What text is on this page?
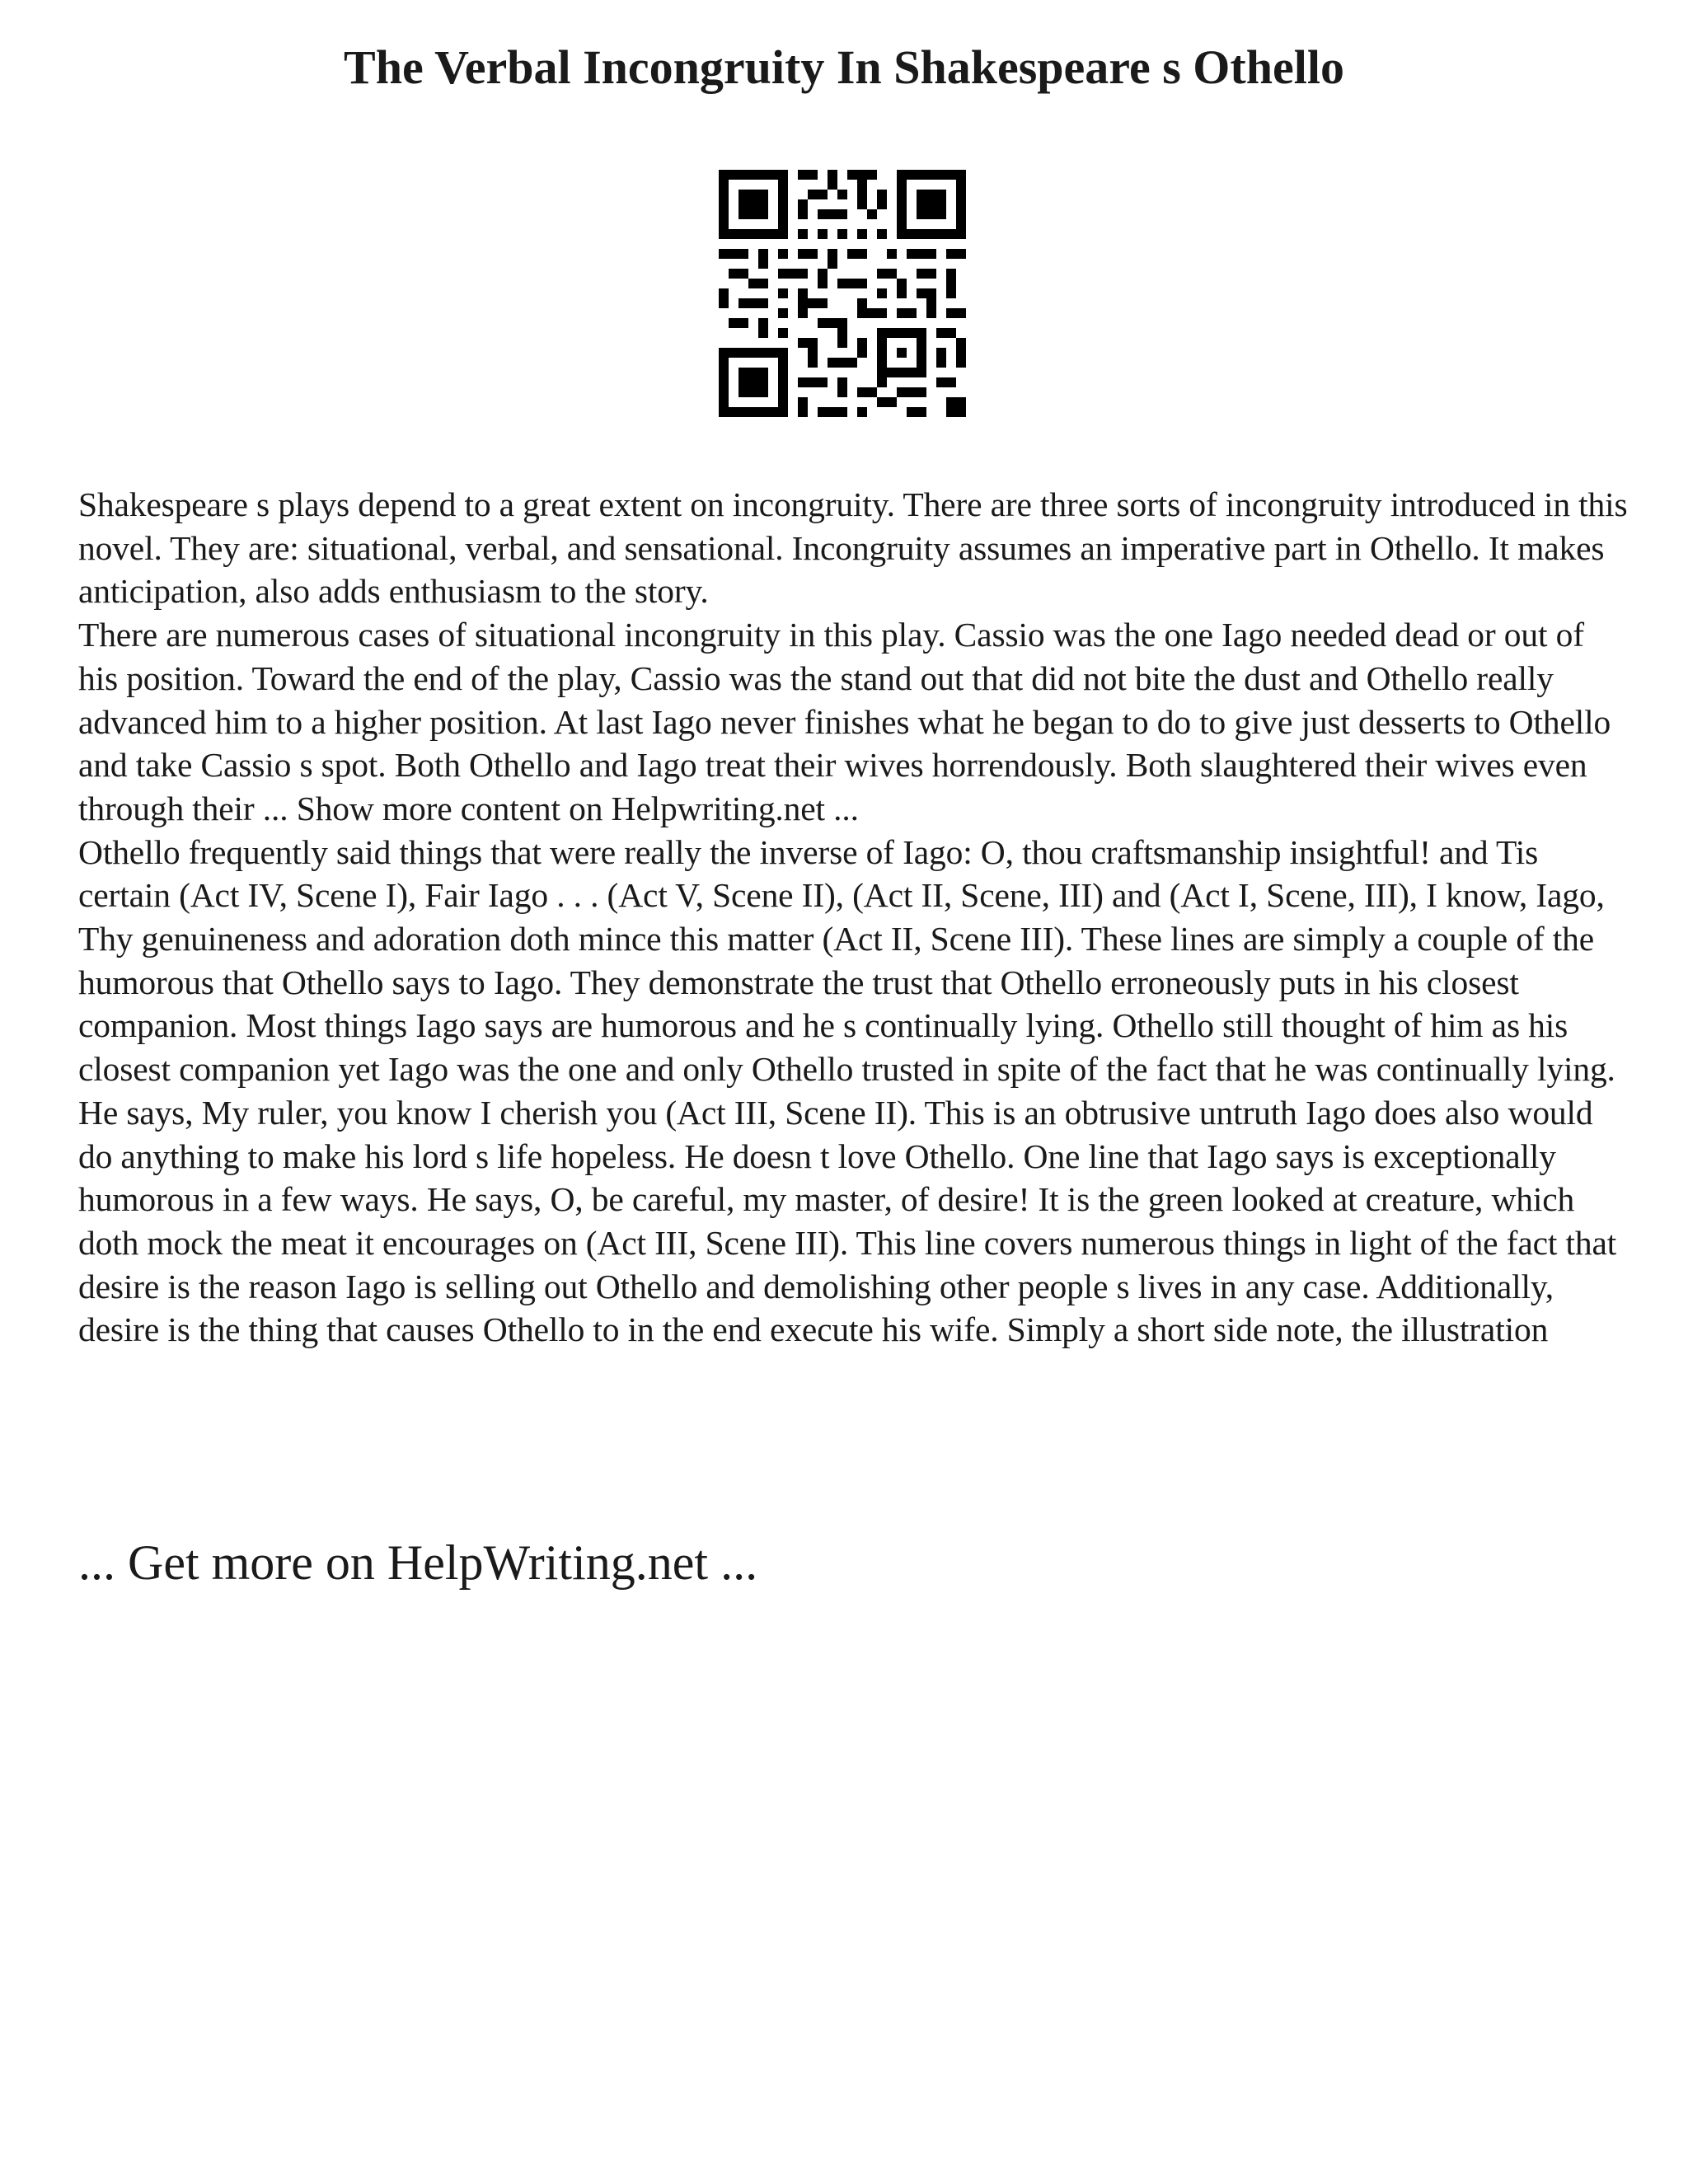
The Verbal Incongruity In Shakespeare s Othello

Shakespeare s plays depend to a great extent on incongruity. There are three sorts of incongruity introduced in this novel. They are: situational, verbal, and sensational. Incongruity assumes an imperative part in Othello. It makes anticipation, also adds enthusiasm to the story.

There are numerous cases of situational incongruity in this play. Cassio was the one Iago needed dead or out of his position. Toward the end of the play, Cassio was the stand out that did not bite the dust and Othello really advanced him to a higher position. At last Iago never finishes what he began to do to give just desserts to Othello and take Cassio s spot. Both Othello and Iago treat their wives horrendously. Both slaughtered their wives even through their ... Show more content on Helpwriting.net ...

Othello frequently said things that were really the inverse of Iago: O, thou craftsmanship insightful! and Tis certain (Act IV, Scene I), Fair Iago . . . (Act V, Scene II), (Act II, Scene, III) and (Act I, Scene, III), I know, Iago, Thy genuineness and adoration doth mince this matter (Act II, Scene III). These lines are simply a couple of the humorous that Othello says to Iago. They demonstrate the trust that Othello erroneously puts in his closest companion. Most things Iago says are humorous and he s continually lying. Othello still thought of him as his closest companion yet Iago was the one and only Othello trusted in spite of the fact that he was continually lying. He says, My ruler, you know I cherish you (Act III, Scene II). This is an obtrusive untruth Iago does also would do anything to make his lord s life hopeless. He doesn t love Othello. One line that Iago says is exceptionally humorous in a few ways. He says, O, be careful, my master, of desire! It is the green looked at creature, which doth mock the meat it encourages on (Act III, Scene III). This line covers numerous things in light of the fact that desire is the reason Iago is selling out Othello and demolishing other people s lives in any case. Additionally, desire is the thing that causes Othello to in the end execute his wife. Simply a short side note, the illustration

... Get more on HelpWriting.net ...
